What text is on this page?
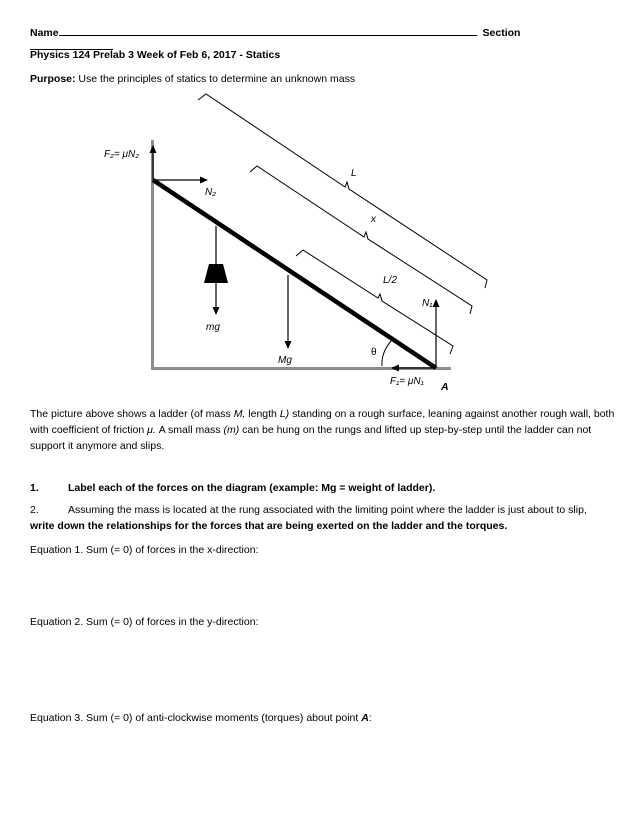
Name	Section
Physics 124 Prelab 3 Week of Feb 6, 2017 - Statics
Purpose: Use the principles of statics to determine an unknown mass
F₂= μN₂
N₂
mg
Mg
θ
F₁= μN₁ A
N₁
L
x
L/2
The picture above shows a ladder (of mass M, length L) standing on a rough surface, leaning against another rough wall, both with coefficient of friction μ. A small mass (m) can be hung on the rungs and lifted up step-by-step until the ladder can not support it anymore and slips.
1.	Label each of the forces on the diagram (example: Mg = weight of ladder).
2.	Assuming the mass is located at the rung associated with the limiting point where the ladder is just about to slip,
write down the relationships for the forces that are being exerted on the ladder and the torques.
Equation 1. Sum (= 0) of forces in the x-direction:
Equation 2. Sum (= 0) of forces in the y-direction:
Equation 3. Sum (= 0) of anti-clockwise moments (torques) about point A:
